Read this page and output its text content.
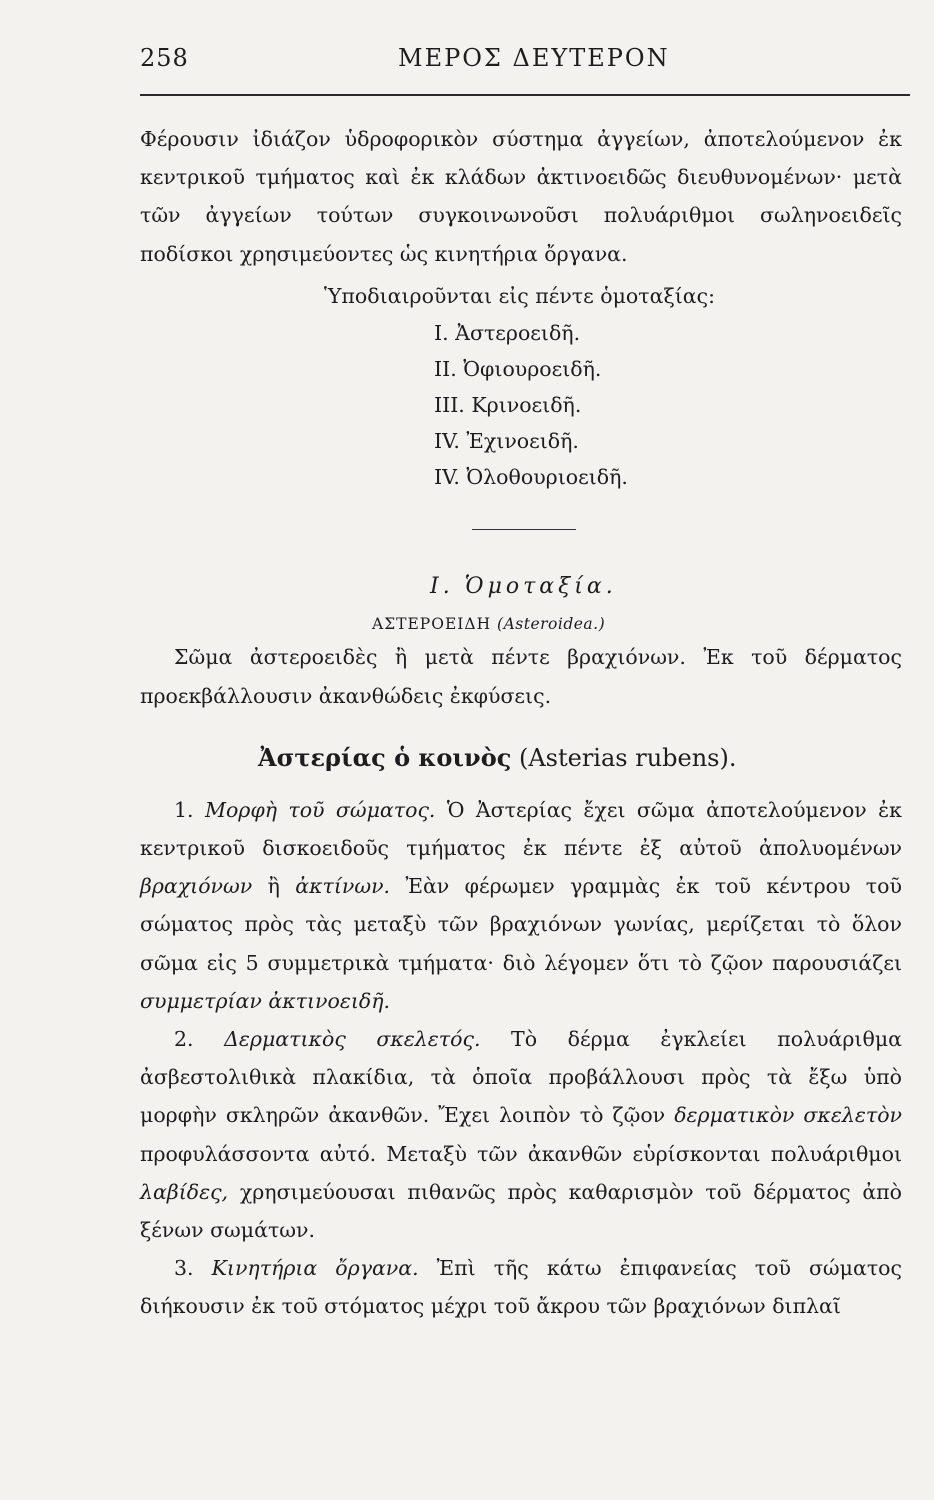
258	ΜΕΡΟΣ ΔΕΥΤΕΡΟΝ

Φέρουσιν ἰδιάζον ὑδροφορικὸν σύστημα ἀγγείων, ἀποτελούμενον ἐκ κεντρικοῦ τμήματος καὶ ἐκ κλάδων ἀκτινοειδῶς διευθυνομένων· μετὰ τῶν ἀγγείων τούτων συγκοινωνοῦσι πολυάριθμοι σωληνοειδεῖς ποδίσκοι χρησιμεύοντες ὡς κινητήρια ὄργανα.

Ὑποδιαιροῦνται εἰς πέντε ὁμοταξίας:

I. Ἀστεροειδῆ.
II. Ὀφιουροειδῆ.
III. Κρινοειδῆ.
IV. Ἐχινοειδῆ.
IV. Ὀλοθουριοειδῆ.

I. Ὁμοταξία.

ΑΣΤΕΡΟΕΙΔΗ (Asteroidea.)

Σῶμα ἀστεροειδὲς ἢ μετὰ πέντε βραχιόνων. Ἐκ τοῦ δέρματος προεκβάλλουσιν ἀκανθώδεις ἐκφύσεις.

Ἀστερίας ὁ κοινὸς (Asterias rubens).

1. Μορφὴ τοῦ σώματος. Ὁ Ἀστερίας ἔχει σῶμα ἀποτελούμενον ἐκ κεντρικοῦ δισκοειδοῦς τμήματος ἐκ πέντε ἐξ αὐτοῦ ἀπολυομένων βραχιόνων ἢ ἀκτίνων. Ἐὰν φέρωμεν γραμμὰς ἐκ τοῦ κέντρου τοῦ σώματος πρὸς τὰς μεταξὺ τῶν βραχιόνων γωνίας, μερίζεται τὸ ὅλον σῶμα εἰς 5 συμμετρικὰ τμήματα· διὸ λέγομεν ὅτι τὸ ζῷον παρουσιάζει συμμετρίαν ἀκτινοειδῆ.

2. Δερματικὸς σκελετός. Τὸ δέρμα ἐγκλείει πολυάριθμα ἀσβεστολιθικὰ πλακίδια, τὰ ὁποῖα προβάλλουσι πρὸς τὰ ἔξω ὑπὸ μορφὴν σκληρῶν ἀκανθῶν. Ἔχει λοιπὸν τὸ ζῷον δερματικὸν σκελετὸν προφυλάσσοντα αὐτό. Μεταξὺ τῶν ἀκανθῶν εὑρίσκονται πολυάριθμοι λαβίδες, χρησιμεύουσαι πιθανῶς πρὸς καθαρισμὸν τοῦ δέρματος ἀπὸ ξένων σωμάτων.

3. Κινητήρια ὄργανα. Ἐπὶ τῆς κάτω ἐπιφανείας τοῦ σώματος διήκουσιν ἐκ τοῦ στόματος μέχρι τοῦ ἄκρου τῶν βραχιόνων διπλαῖ
